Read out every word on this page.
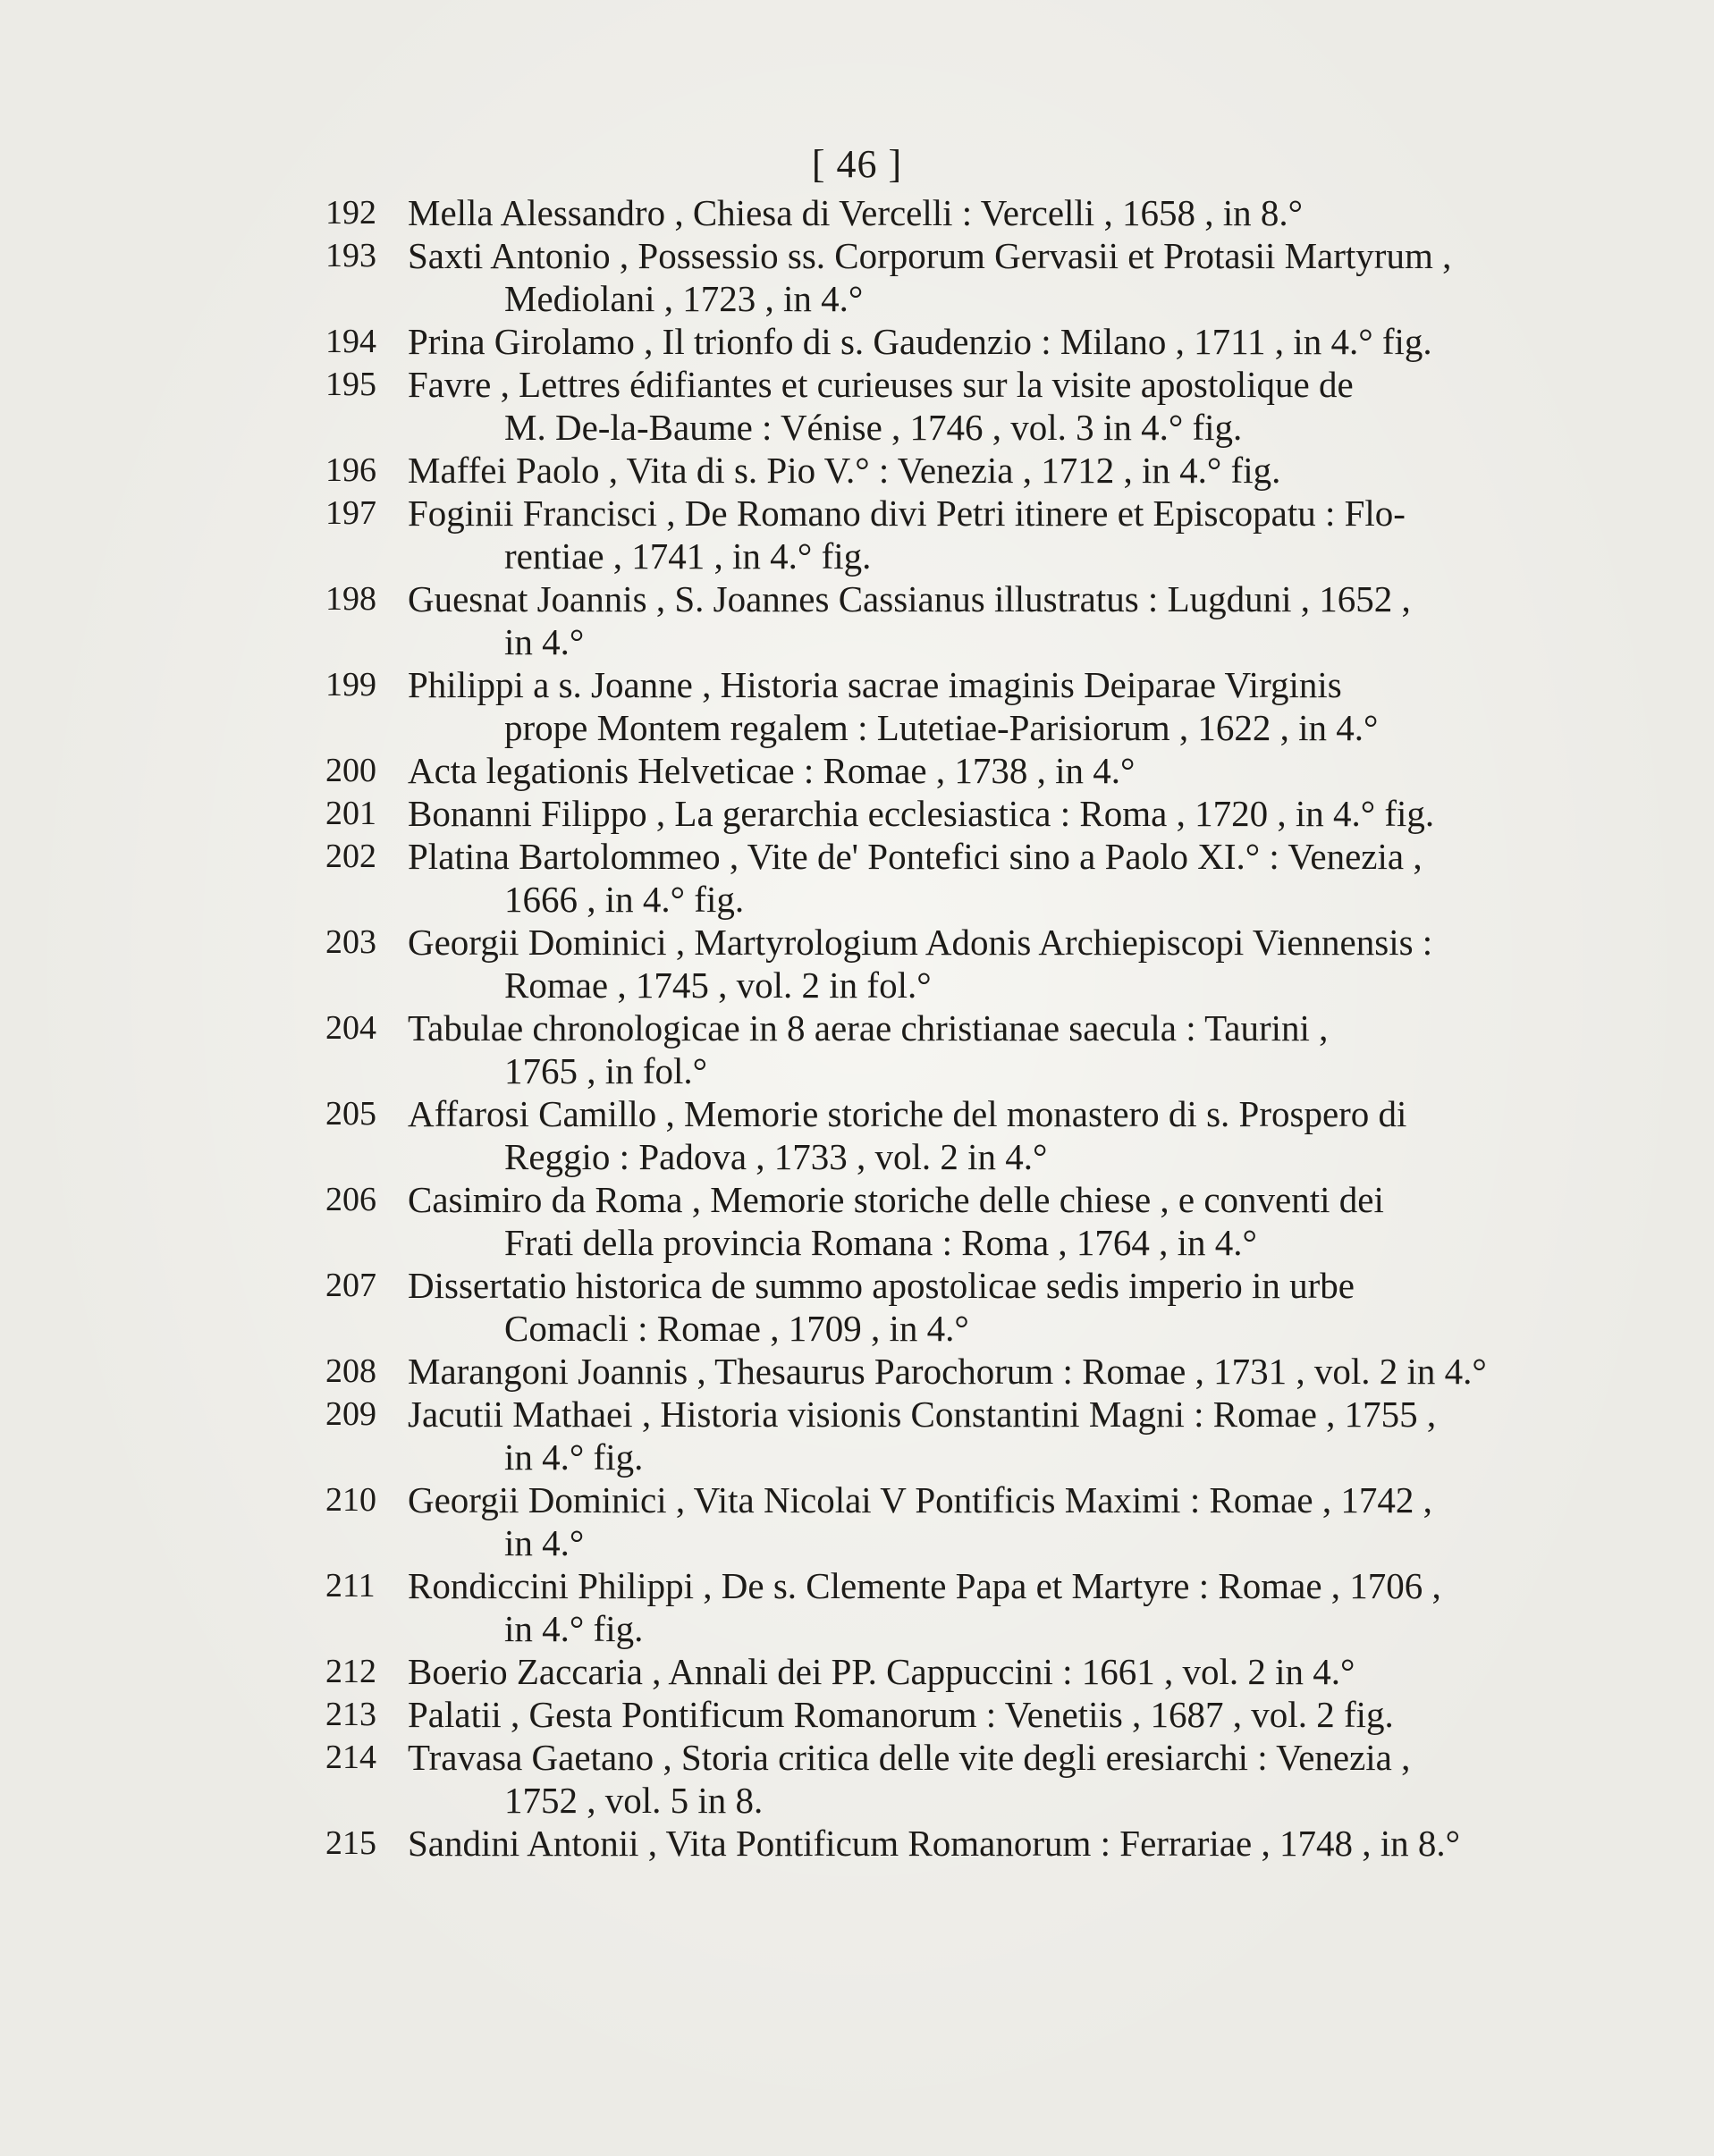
[ 46 ]
192 Mella Alessandro , Chiesa di Vercelli : Vercelli , 1658 , in 8.°
193 Saxti Antonio , Possessio ss. Corporum Gervasii et Protasii Martyrum ,
Mediolani , 1723 , in 4.°
194 Prina Girolamo , Il trionfo di s. Gaudenzio : Milano , 1711 , in 4.° fig.
195 Favre , Lettres édifiantes et curieuses sur la visite apostolique de
M. De-la-Baume : Vénise , 1746 , vol. 3 in 4.° fig.
196 Maffei Paolo , Vita di s. Pio V.° : Venezia , 1712 , in 4.° fig.
197 Foginii Francisci , De Romano divi Petri itinere et Episcopatu : Flo-
rentiae , 1741 , in 4.° fig.
198 Guesnat Joannis , S. Joannes Cassianus illustratus : Lugduni , 1652 ,
in 4.°
199 Philippi a s. Joanne , Historia sacrae imaginis Deiparae Virginis
prope Montem regalem : Lutetiae-Parisiorum , 1622 , in 4.°
200 Acta legationis Helveticae : Romae , 1738 , in 4.°
201 Bonanni Filippo , La gerarchia ecclesiastica : Roma , 1720 , in 4.° fig.
202 Platina Bartolommeo , Vite de' Pontefici sino a Paolo XI.° : Venezia ,
1666 , in 4.° fig.
203 Georgii Dominici , Martyrologium Adonis Archiepiscopi Viennensis :
Romae , 1745 , vol. 2 in fol.°
204 Tabulae chronologicae in 8 aerae christianae saecula : Taurini ,
1765 , in fol.°
205 Affarosi Camillo , Memorie storiche del monastero di s. Prospero di
Reggio : Padova , 1733 , vol. 2 in 4.°
206 Casimiro da Roma , Memorie storiche delle chiese , e conventi dei
Frati della provincia Romana : Roma , 1764 , in 4.°
207 Dissertatio historica de summo apostolicae sedis imperio in urbe
Comacli : Romae , 1709 , in 4.°
208 Marangoni Joannis , Thesaurus Parochorum : Romae , 1731 , vol. 2 in 4.°
209 Jacutii Mathaei , Historia visionis Constantini Magni : Romae , 1755 ,
in 4.° fig.
210 Georgii Dominici , Vita Nicolai V Pontificis Maximi : Romae , 1742 ,
in 4.°
211 Rondiccini Philippi , De s. Clemente Papa et Martyre : Romae , 1706 ,
in 4.° fig.
212 Boerio Zaccaria , Annali dei PP. Cappuccini : 1661 , vol. 2 in 4.°
213 Palatii , Gesta Pontificum Romanorum : Venetiis , 1687 , vol. 2 fig.
214 Travasa Gaetano , Storia critica delle vite degli eresiarchi : Venezia ,
1752 , vol. 5 in 8.
215 Sandini Antonii , Vita Pontificum Romanorum : Ferrariae , 1748 , in 8.°
